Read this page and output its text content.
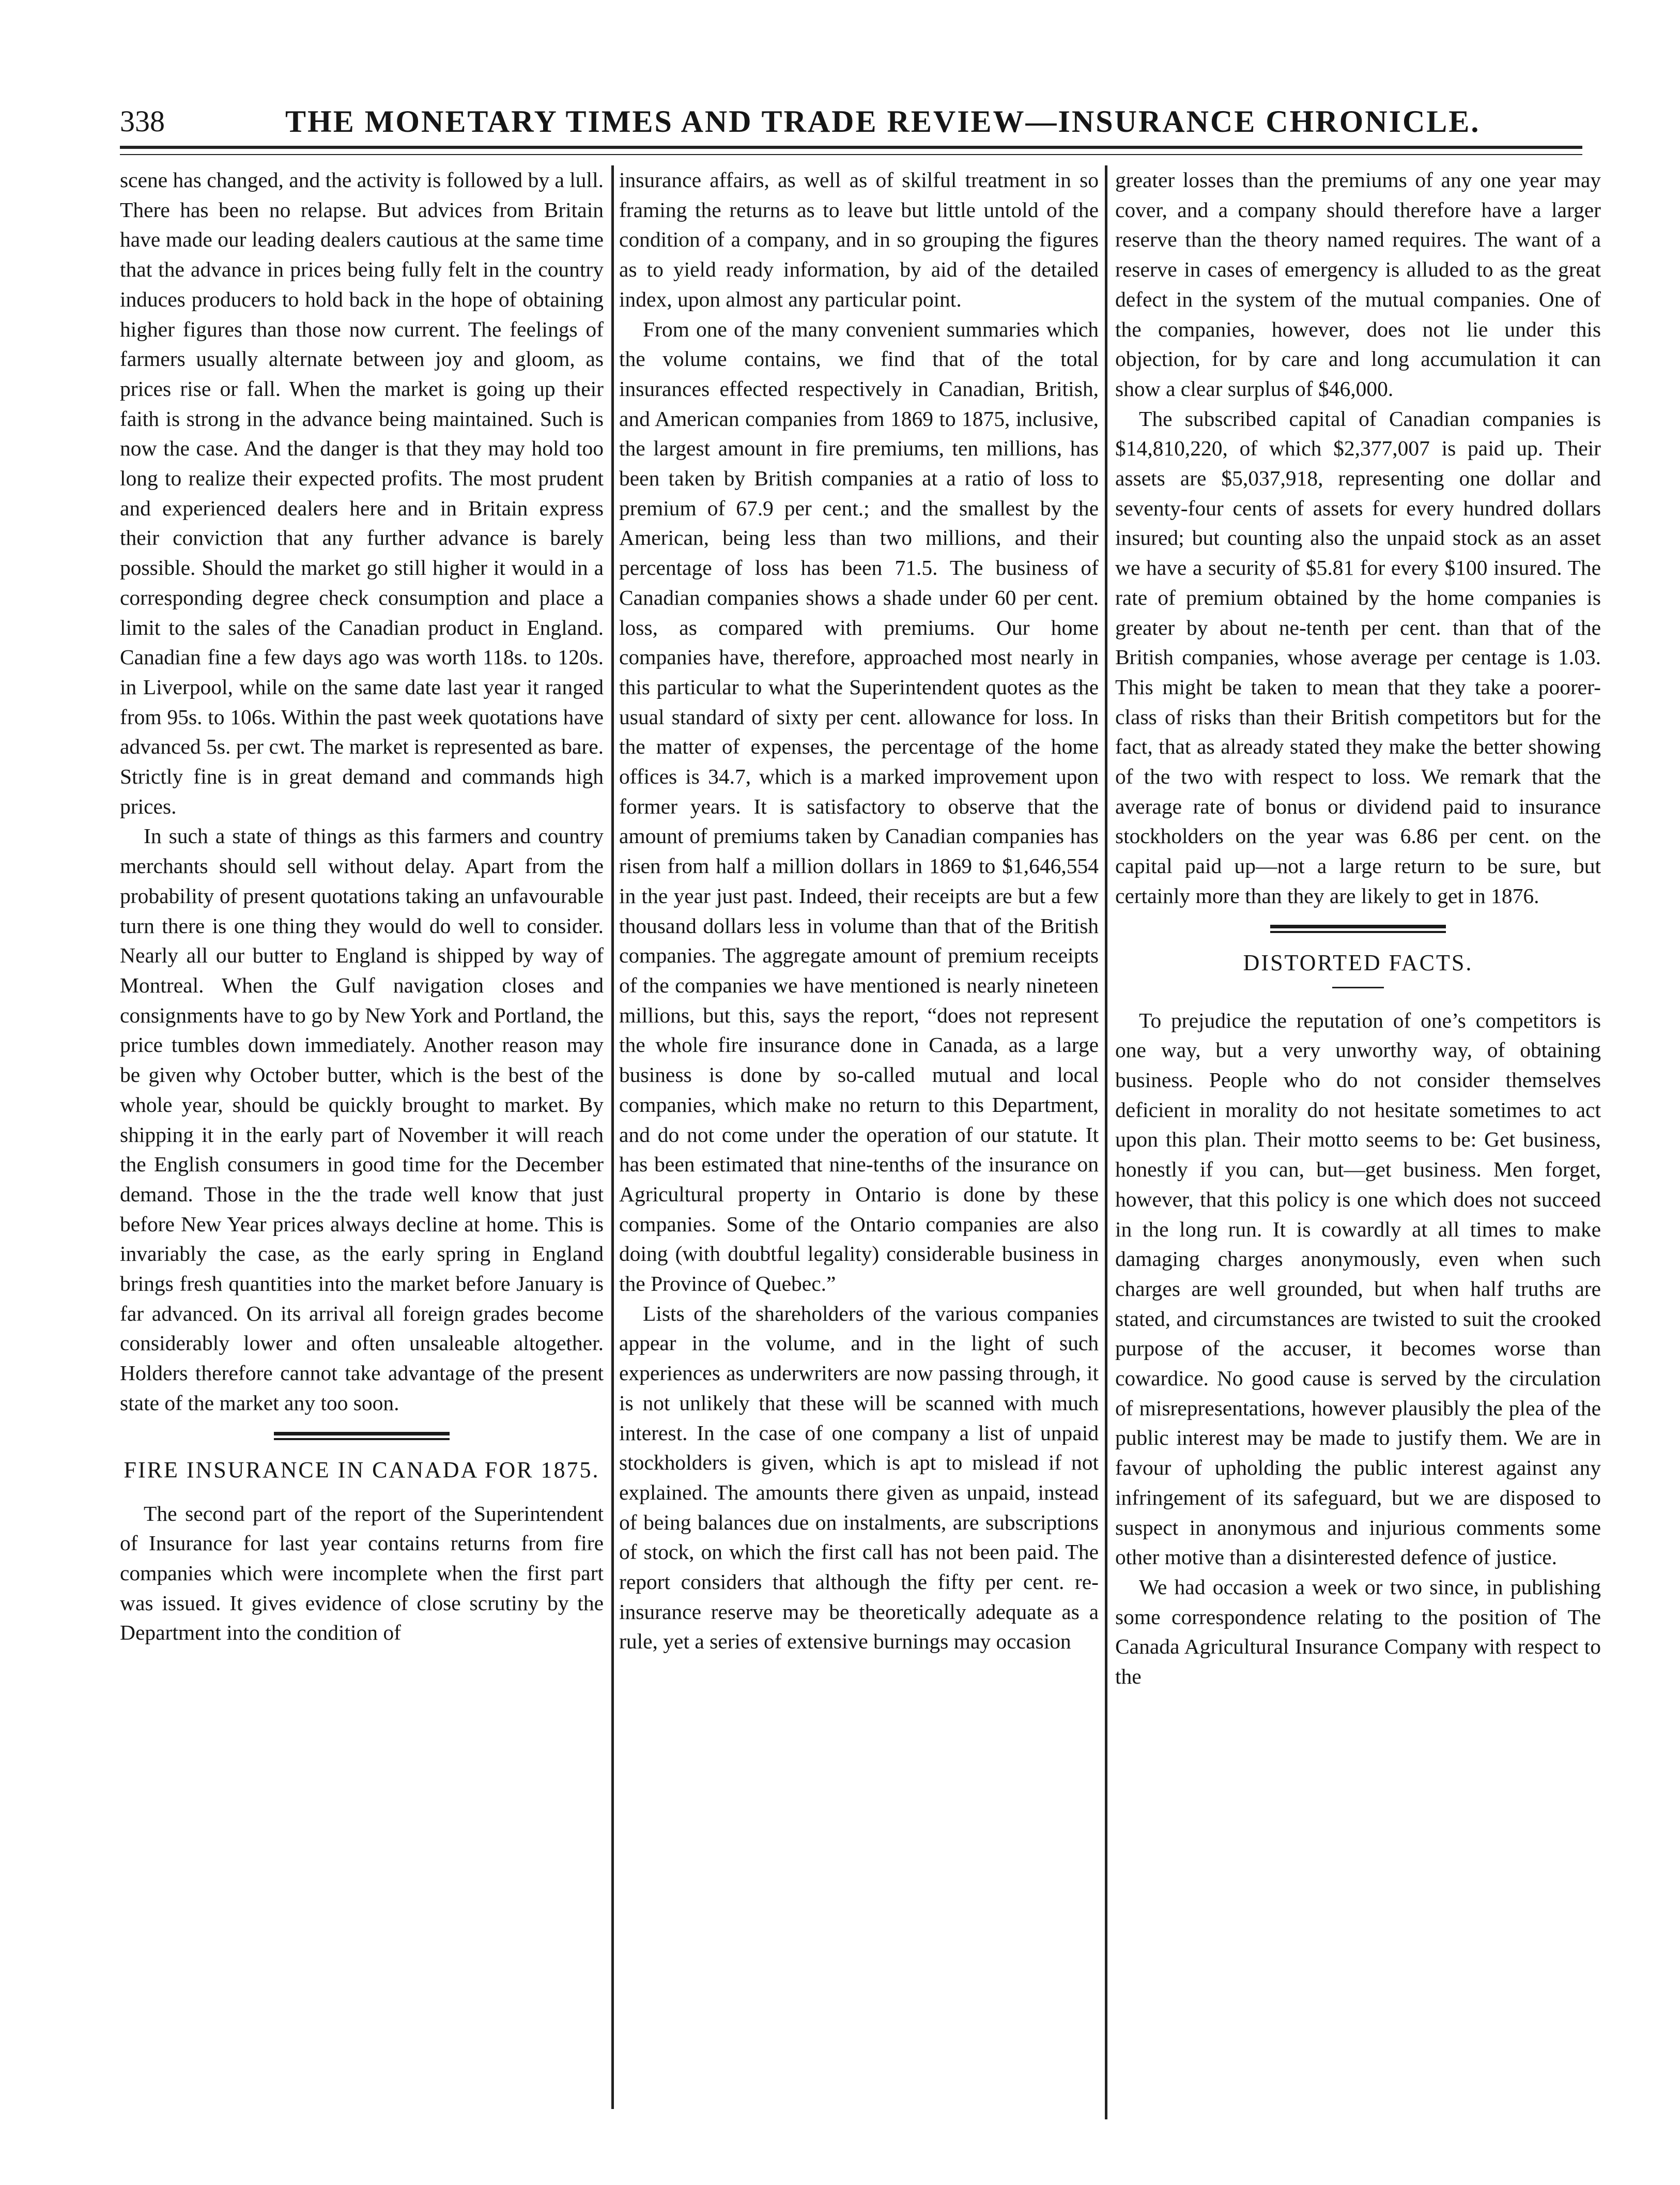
338	THE MONETARY TIMES AND TRADE REVIEW—INSURANCE CHRONICLE.

scene has changed, and the activity is followed by a lull. There has been no relapse. But advices from Britain have made our leading dealers cautious at the same time that the advance in prices being fully felt in the country induces producers to hold back in the hope of obtaining higher figures than those now current. The feelings of farmers usually alternate between joy and gloom, as prices rise or fall. When the market is going up their faith is strong in the advance being maintained. Such is now the case. And the danger is that they may hold too long to realize their expected profits. The most prudent and experienced dealers here and in Britain express their conviction that any further advance is barely possible. Should the market go still higher it would in a corresponding degree check consumption and place a limit to the sales of the Canadian product in England. Canadian fine a few days ago was worth 118s. to 120s. in Liverpool, while on the same date last year it ranged from 95s. to 106s. Within the past week quotations have advanced 5s. per cwt. The market is represented as bare. Strictly fine is in great demand and commands high prices.

In such a state of things as this farmers and country merchants should sell without delay. Apart from the probability of present quotations taking an unfavourable turn there is one thing they would do well to consider. Nearly all our butter to England is shipped by way of Montreal. When the Gulf navigation closes and consignments have to go by New York and Portland, the price tumbles down immediately. Another reason may be given why October butter, which is the best of the whole year, should be quickly brought to market. By shipping it in the early part of November it will reach the English consumers in good time for the December demand. Those in the the trade well know that just before New Year prices always decline at home. This is invariably the case, as the early spring in England brings fresh quantities into the market before January is far advanced. On its arrival all foreign grades become considerably lower and often unsaleable altogether. Holders therefore cannot take advantage of the present state of the market any too soon.

FIRE INSURANCE IN CANADA FOR 1875.

The second part of the report of the Superintendent of Insurance for last year contains returns from fire companies which were incomplete when the first part was issued. It gives evidence of close scrutiny by the Department into the condition of

insurance affairs, as well as of skilful treatment in so framing the returns as to leave but little untold of the condition of a company, and in so grouping the figures as to yield ready information, by aid of the detailed index, upon almost any particular point.

From one of the many convenient summaries which the volume contains, we find that of the total insurances effected respectively in Canadian, British, and American companies from 1869 to 1875, inclusive, the largest amount in fire premiums, ten millions, has been taken by British companies at a ratio of loss to premium of 67.9 per cent.; and the smallest by the American, being less than two millions, and their percentage of loss has been 71.5. The business of Canadian companies shows a shade under 60 per cent. loss, as compared with premiums. Our home companies have, therefore, approached most nearly in this particular to what the Superintendent quotes as the usual standard of sixty per cent. allowance for loss. In the matter of expenses, the percentage of the home offices is 34.7, which is a marked improvement upon former years. It is satisfactory to observe that the amount of premiums taken by Canadian companies has risen from half a million dollars in 1869 to $1,646,554 in the year just past. Indeed, their receipts are but a few thousand dollars less in volume than that of the British companies. The aggregate amount of premium receipts of the companies we have mentioned is nearly nineteen millions, but this, says the report, “does not represent the whole fire insurance done in Canada, as a large business is done by so-called mutual and local companies, which make no return to this Department, and do not come under the operation of our statute. It has been estimated that nine-tenths of the insurance on Agricultural property in Ontario is done by these companies. Some of the Ontario companies are also doing (with doubtful legality) considerable business in the Province of Quebec.”

Lists of the shareholders of the various companies appear in the volume, and in the light of such experiences as underwriters are now passing through, it is not unlikely that these will be scanned with much interest. In the case of one company a list of unpaid stockholders is given, which is apt to mislead if not explained. The amounts there given as unpaid, instead of being balances due on instalments, are subscriptions of stock, on which the first call has not been paid. The report considers that although the fifty per cent. re-insurance reserve may be theoretically adequate as a rule, yet a series of extensive burnings may occasion

greater losses than the premiums of any one year may cover, and a company should therefore have a larger reserve than the theory named requires. The want of a reserve in cases of emergency is alluded to as the great defect in the system of the mutual companies. One of the companies, however, does not lie under this objection, for by care and long accumulation it can show a clear surplus of $46,000.

The subscribed capital of Canadian companies is $14,810,220, of which $2,377,007 is paid up. Their assets are $5,037,918, representing one dollar and seventy-four cents of assets for every hundred dollars insured; but counting also the unpaid stock as an asset we have a security of $5.81 for every $100 insured. The rate of premium obtained by the home companies is greater by about ne-tenth per cent. than that of the British companies, whose average per centage is 1.03. This might be taken to mean that they take a poorer-class of risks than their British competitors but for the fact, that as already stated they make the better showing of the two with respect to loss. We remark that the average rate of bonus or dividend paid to insurance stockholders on the year was 6.86 per cent. on the capital paid up—not a large return to be sure, but certainly more than they are likely to get in 1876.

DISTORTED FACTS.

To prejudice the reputation of one’s competitors is one way, but a very unworthy way, of obtaining business. People who do not consider themselves deficient in morality do not hesitate sometimes to act upon this plan. Their motto seems to be: Get business, honestly if you can, but—get business. Men forget, however, that this policy is one which does not succeed in the long run. It is cowardly at all times to make damaging charges anonymously, even when such charges are well grounded, but when half truths are stated, and circumstances are twisted to suit the crooked purpose of the accuser, it becomes worse than cowardice. No good cause is served by the circulation of misrepresentations, however plausibly the plea of the public interest may be made to justify them. We are in favour of upholding the public interest against any infringement of its safeguard, but we are disposed to suspect in anonymous and injurious comments some other motive than a disinterested defence of justice.

We had occasion a week or two since, in publishing some correspondence relating to the position of The Canada Agricultural Insurance Company with respect to the
